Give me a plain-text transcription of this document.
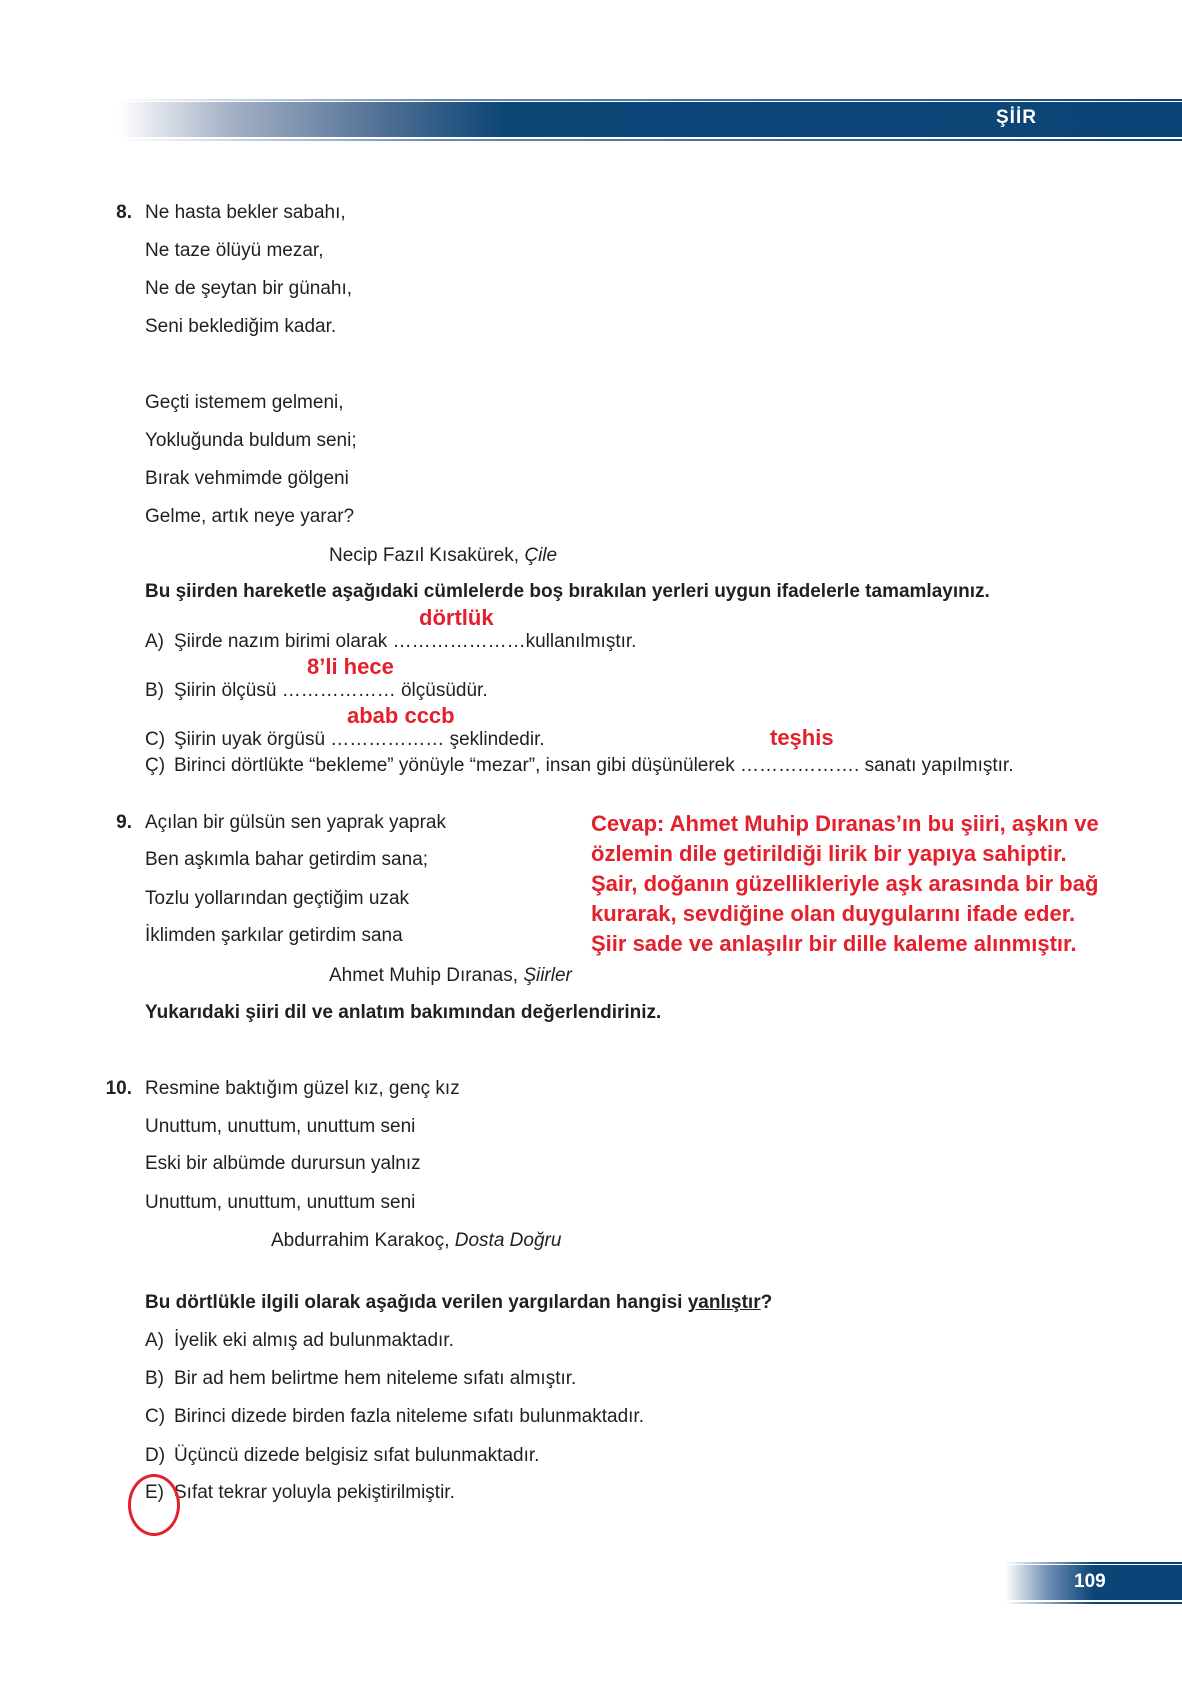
ŞİİR
8. Ne hasta bekler sabahı,
Ne taze ölüyü mezar,
Ne de şeytan bir günahı,
Seni beklediğim kadar.
Geçti istemem gelmeni,
Yokluğunda buldum seni;
Bırak vehmimde gölgeni
Gelme, artık neye yarar?
Necip Fazıl Kısakürek, Çile
Bu şiirden hareketle aşağıdaki cümlelerde boş bırakılan yerleri uygun ifadelerle tamamlayınız.
dörtlük
A) Şiirde nazım birimi olarak …………………kullanılmıştır.
8’li hece
B) Şiirin ölçüsü ……………… ölçüsüdür.
abab cccb
teşhis
C) Şiirin uyak örgüsü ……………… şeklindedir.
Ç) Birinci dörtlükte “bekleme” yönüyle “mezar”, insan gibi düşünülerek ………………. sanatı yapılmıştır.
9. Açılan bir gülsün sen yaprak yaprak
Ben aşkımla bahar getirdim sana;
Tozlu yollarından geçtiğim uzak
İklimden şarkılar getirdim sana
Ahmet Muhip Dıranas, Şiirler
Yukarıdaki şiiri dil ve anlatım bakımından değerlendiriniz.
Cevap: Ahmet Muhip Dıranas’ın bu şiiri, aşkın ve
özlemin dile getirildiği lirik bir yapıya sahiptir.
Şair, doğanın güzellikleriyle aşk arasında bir bağ
kurarak, sevdiğine olan duygularını ifade eder.
Şiir sade ve anlaşılır bir dille kaleme alınmıştır.
10. Resmine baktığım güzel kız, genç kız
Unuttum, unuttum, unuttum seni
Eski bir albümde durursun yalnız
Unuttum, unuttum, unuttum seni
Abdurrahim Karakoç, Dosta Doğru
Bu dörtlükle ilgili olarak aşağıda verilen yargılardan hangisi yanlıştır?
A) İyelik eki almış ad bulunmaktadır.
B) Bir ad hem belirtme hem niteleme sıfatı almıştır.
C) Birinci dizede birden fazla niteleme sıfatı bulunmaktadır.
D) Üçüncü dizede belgisiz sıfat bulunmaktadır.
E) Sıfat tekrar yoluyla pekiştirilmiştir.
109
